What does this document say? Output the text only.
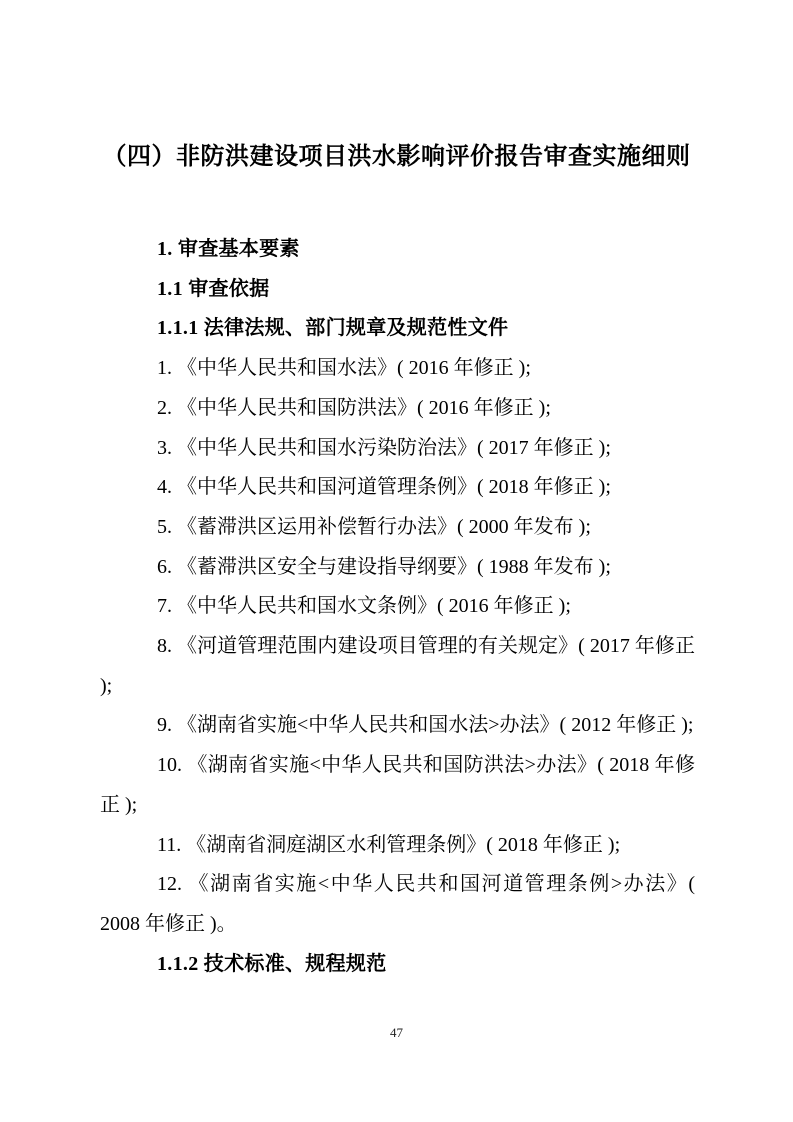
（四）非防洪建设项目洪水影响评价报告审查实施细则

1. 审查基本要素

1.1 审查依据

1.1.1 法律法规、部门规章及规范性文件

1. 《中华人民共和国水法》( 2016 年修正 );

2. 《中华人民共和国防洪法》( 2016 年修正 );

3. 《中华人民共和国水污染防治法》( 2017 年修正 );

4. 《中华人民共和国河道管理条例》( 2018 年修正 );

5. 《蓄滞洪区运用补偿暂行办法》( 2000 年发布 );

6. 《蓄滞洪区安全与建设指导纲要》( 1988 年发布 );

7. 《中华人民共和国水文条例》( 2016 年修正 );

8. 《河道管理范围内建设项目管理的有关规定》( 2017 年修正 );

9. 《湖南省实施<中华人民共和国水法>办法》( 2012 年修正 );

10. 《湖南省实施<中华人民共和国防洪法>办法》( 2018 年修正 );

11. 《湖南省洞庭湖区水利管理条例》( 2018 年修正 );

12. 《湖南省实施<中华人民共和国河道管理条例>办法》( 2008 年修正 )。

1.1.2 技术标准、规程规范

47
